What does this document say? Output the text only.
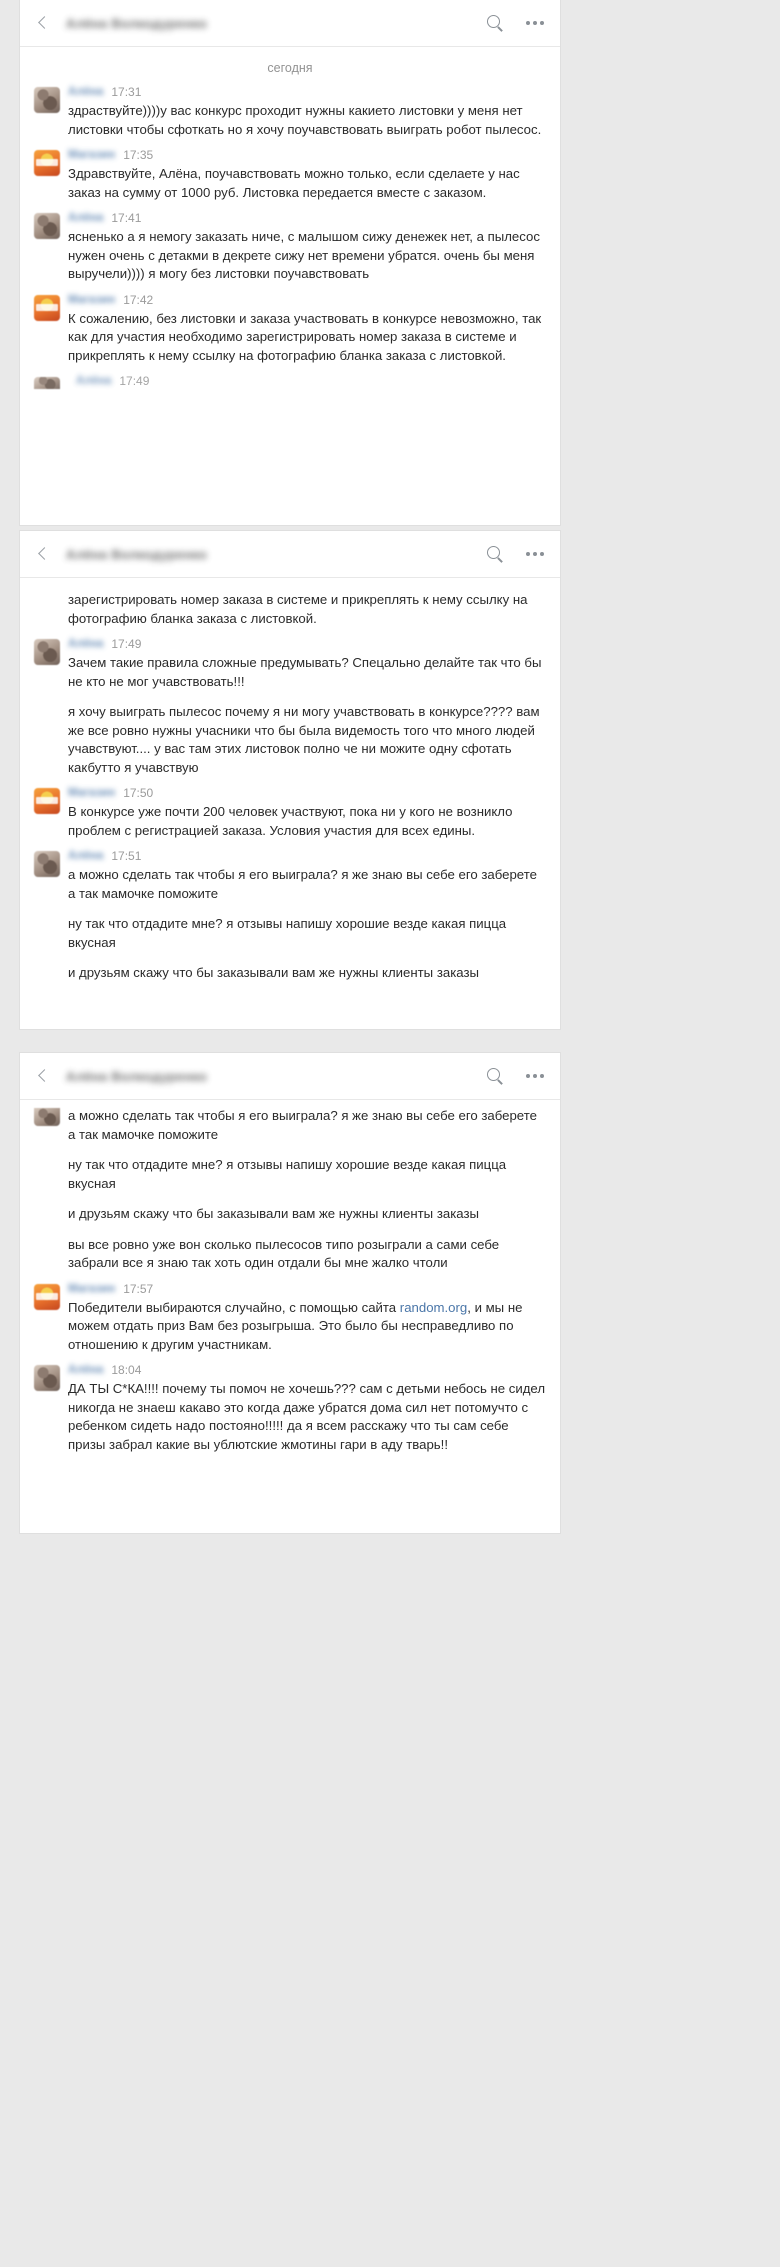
Алёна Волкодуренко
сегодня
Алёна 17:31
здраствуйте))))у вас конкурс проходит нужны какието листовки у меня нет листовки чтобы сфоткать но я хочу поучавствовать выиграть робот пылесос.
Магазин 17:35
Здравствуйте, Алёна, поучавствовать можно только, если сделаете у нас заказ на сумму от 1000 руб. Листовка передается вместе с заказом.
Алёна 17:41
ясненько а я немогу заказать ниче, с малышом сижу денежек нет, а пылесос нужен очень с детакми в декрете сижу нет времени убратся. очень бы меня выручели)))) я могу без листовки поучавствовать
Магазин 17:42
К сожалению, без листовки и заказа участвовать в конкурсе невозможно, так как для участия необходимо зарегистрировать номер заказа в системе и прикреплять к нему ссылку на фотографию бланка заказа с листовкой.
Алёна 17:49
Алёна Волкодуренко
зарегистрировать номер заказа в системе и прикреплять к нему ссылку на фотографию бланка заказа с листовкой.
Алёна 17:49
Зачем такие правила сложные предумывать? Спецально делайте так что бы не кто не мог учавствовать!!!
я хочу выиграть пылесос почему я ни могу учавствовать в конкурсе???? вам же все ровно нужны учасники что бы была видемость того что много людей учавствуют.... у вас там этих листовок полно че ни можите одну сфотать какбутто я учавствую
Магазин 17:50
В конкурсе уже почти 200 человек участвуют, пока ни у кого не возникло проблем с регистрацией заказа. Условия участия для всех едины.
Алёна 17:51
а можно сделать так чтобы я его выиграла? я же знаю вы себе его заберете а так мамочке поможите
ну так что отдадите мне? я отзывы напишу хорошие везде какая пицца вкусная
и друзьям скажу что бы заказывали вам же нужны клиенты заказы
Алёна Волкодуренко
а можно сделать так чтобы я его выиграла? я же знаю вы себе его заберете а так мамочке поможите
ну так что отдадите мне? я отзывы напишу хорошие везде какая пицца вкусная
и друзьям скажу что бы заказывали вам же нужны клиенты заказы
вы все ровно уже вон сколько пылесосов типо розыграли а сами себе забрали все я знаю так хоть один отдали бы мне жалко чтоли
Магазин 17:57
Победители выбираются случайно, с помощью сайта random.org, и мы не можем отдать приз Вам без розыгрыша. Это было бы несправедливо по отношению к другим участникам.
Алёна 18:04
ДА ТЫ С*КА!!!! почему ты помоч не хочешь??? сам с детьми небось не сидел никогда не знаеш какаво это когда даже убратся дома сил нет потомучто с ребенком сидеть надо постояно!!!!! да я всем расскажу что ты сам себе призы забрал какие вы ублютские жмотины гари в аду тварь!!
